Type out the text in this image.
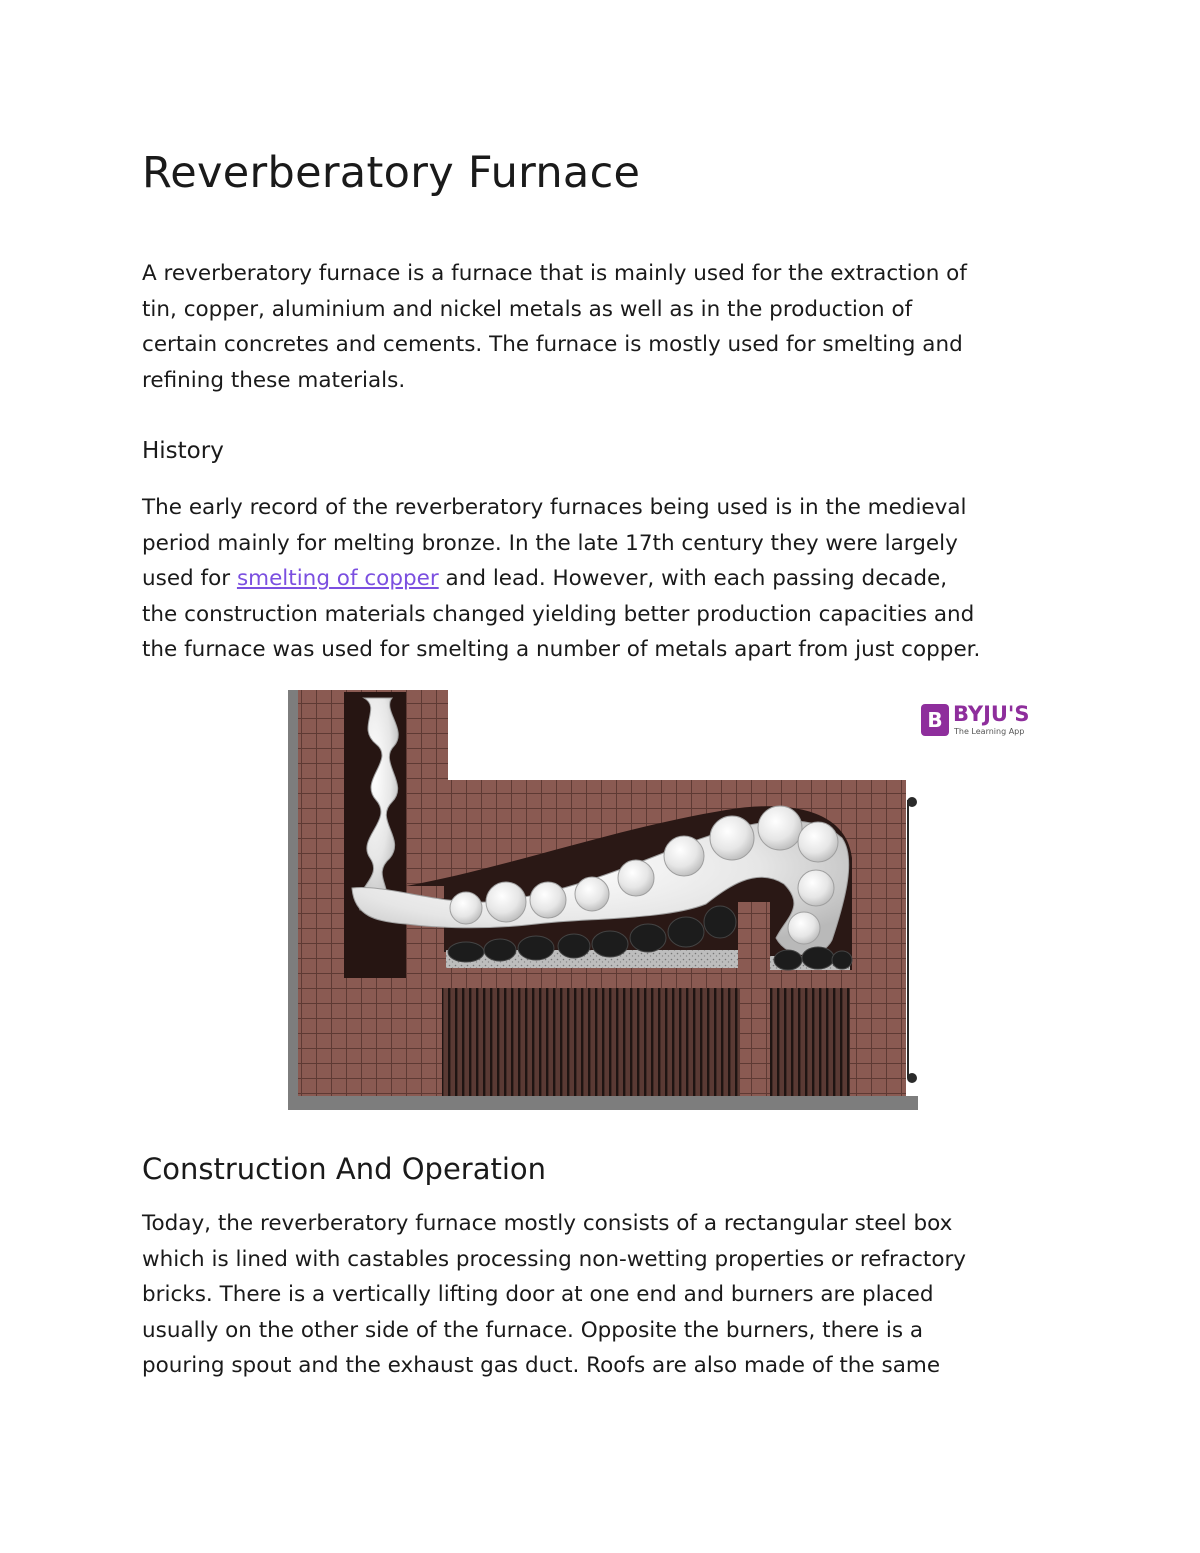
Reverberatory Furnace

A reverberatory furnace is a furnace that is mainly used for the extraction of
tin, copper, aluminium and nickel metals as well as in the production of
certain concretes and cements. The furnace is mostly used for smelting and
refining these materials.

History

The early record of the reverberatory furnaces being used is in the medieval
period mainly for melting bronze. In the late 17th century they were largely
used for smelting of copper and lead. However, with each passing decade,
the construction materials changed yielding better production capacities and
the furnace was used for smelting a number of metals apart from just copper.

Construction And Operation

Today, the reverberatory furnace mostly consists of a rectangular steel box
which is lined with castables processing non-wetting properties or refractory
bricks. There is a vertically lifting door at one end and burners are placed
usually on the other side of the furnace. Opposite the burners, there is a
pouring spout and the exhaust gas duct. Roofs are also made of the same

B BYJU'S
The Learning App
